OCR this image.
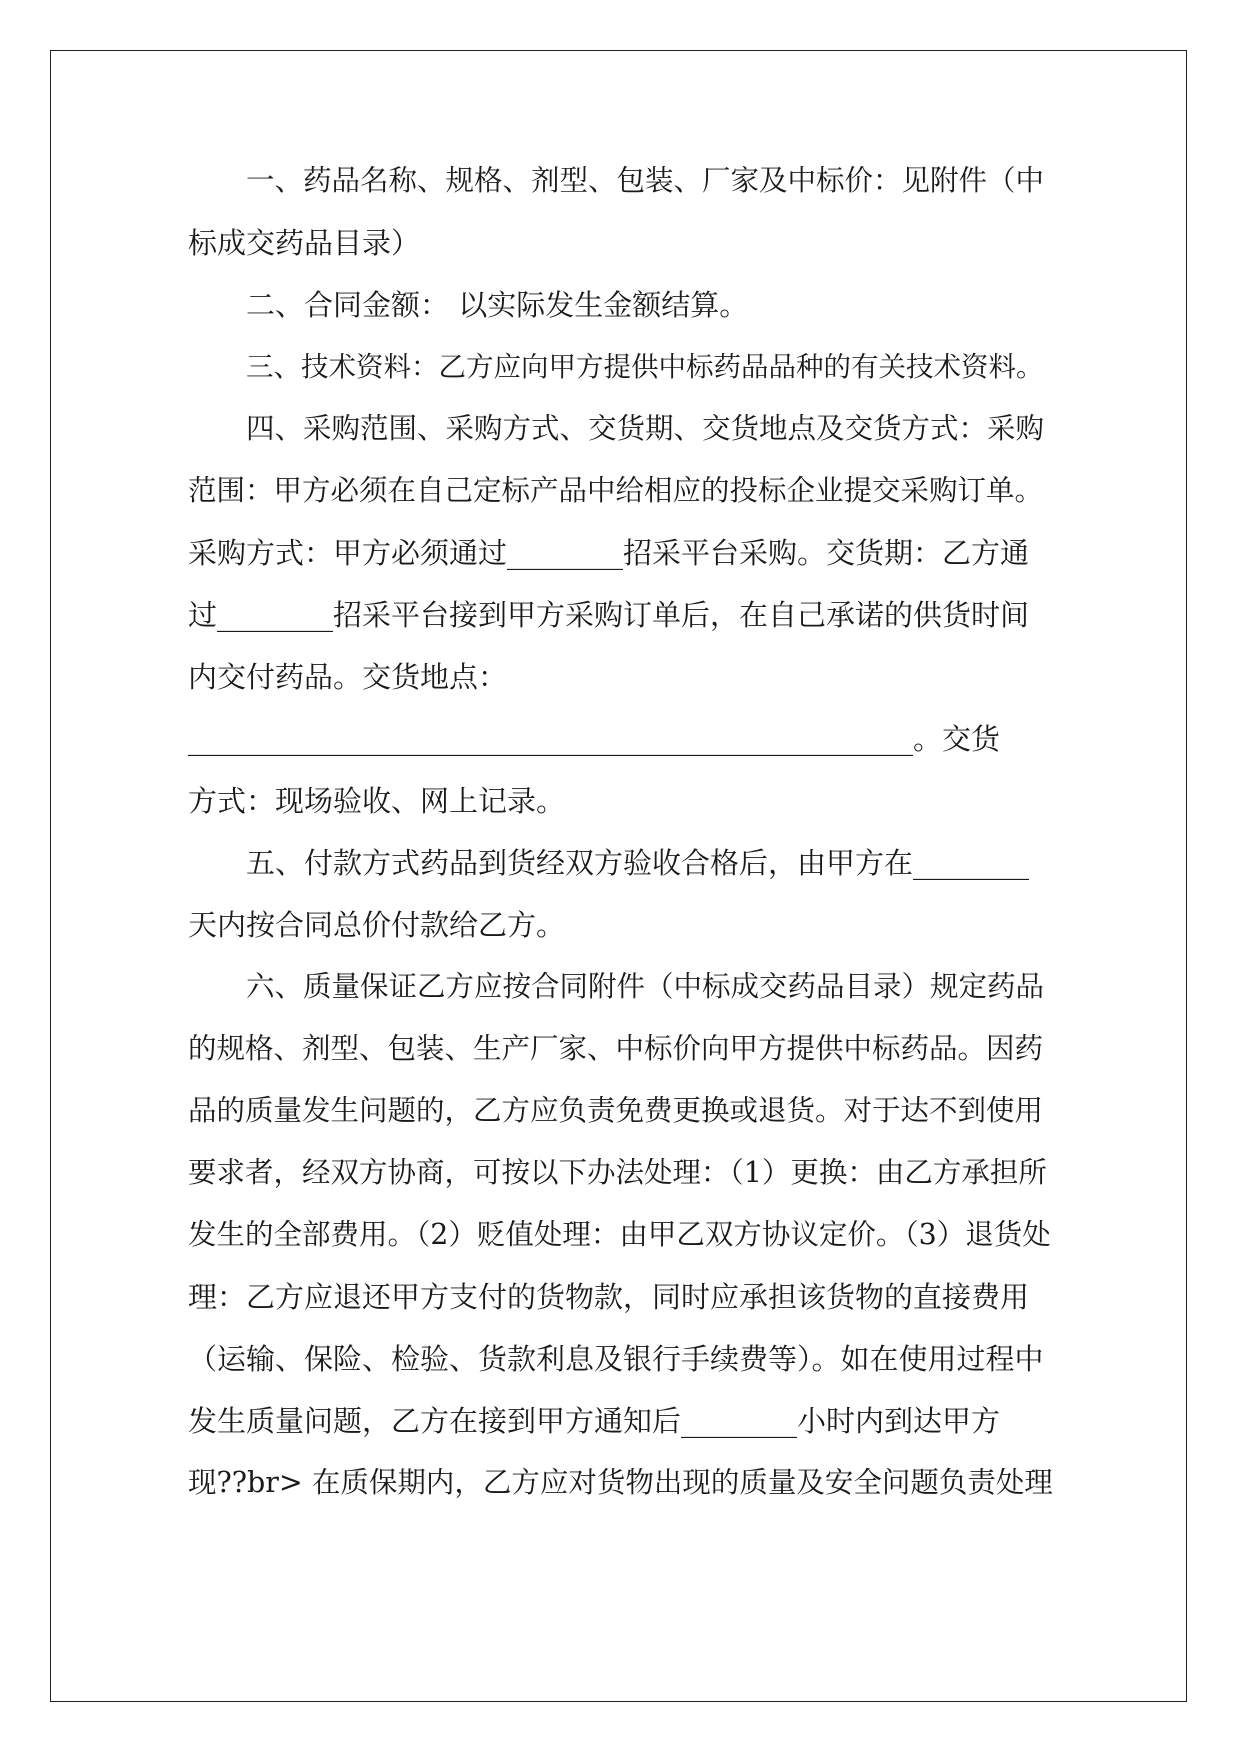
一、药品名称、规格、剂型、包装、厂家及中标价：见附件（中
标成交药品目录）
二、合同金额： 以实际发生金额结算。
三、技术资料：乙方应向甲方提供中标药品品种的有关技术资料。
四、采购范围、采购方式、交货期、交货地点及交货方式：采购
范围：甲方必须在自己定标产品中给相应的投标企业提交采购订单。
采购方式：甲方必须通过________招采平台采购。交货期：乙方通
过________招采平台接到甲方采购订单后，在自己承诺的供货时间
内交付药品。交货地点：
__________________________________________________。交货
方式：现场验收、网上记录。
五、付款方式药品到货经双方验收合格后，由甲方在________
天内按合同总价付款给乙方。
六、质量保证乙方应按合同附件（中标成交药品目录）规定药品
的规格、剂型、包装、生产厂家、中标价向甲方提供中标药品。因药
品的质量发生问题的，乙方应负责免费更换或退货。对于达不到使用
要求者，经双方协商，可按以下办法处理：（1）更换：由乙方承担所
发生的全部费用。（2）贬值处理：由甲乙双方协议定价。（3）退货处
理：乙方应退还甲方支付的货物款，同时应承担该货物的直接费用
（运输、保险、检验、货款利息及银行手续费等）。如在使用过程中
发生质量问题，乙方在接到甲方通知后________小时内到达甲方
现??br> 在质保期内，乙方应对货物出现的质量及安全问题负责处理
